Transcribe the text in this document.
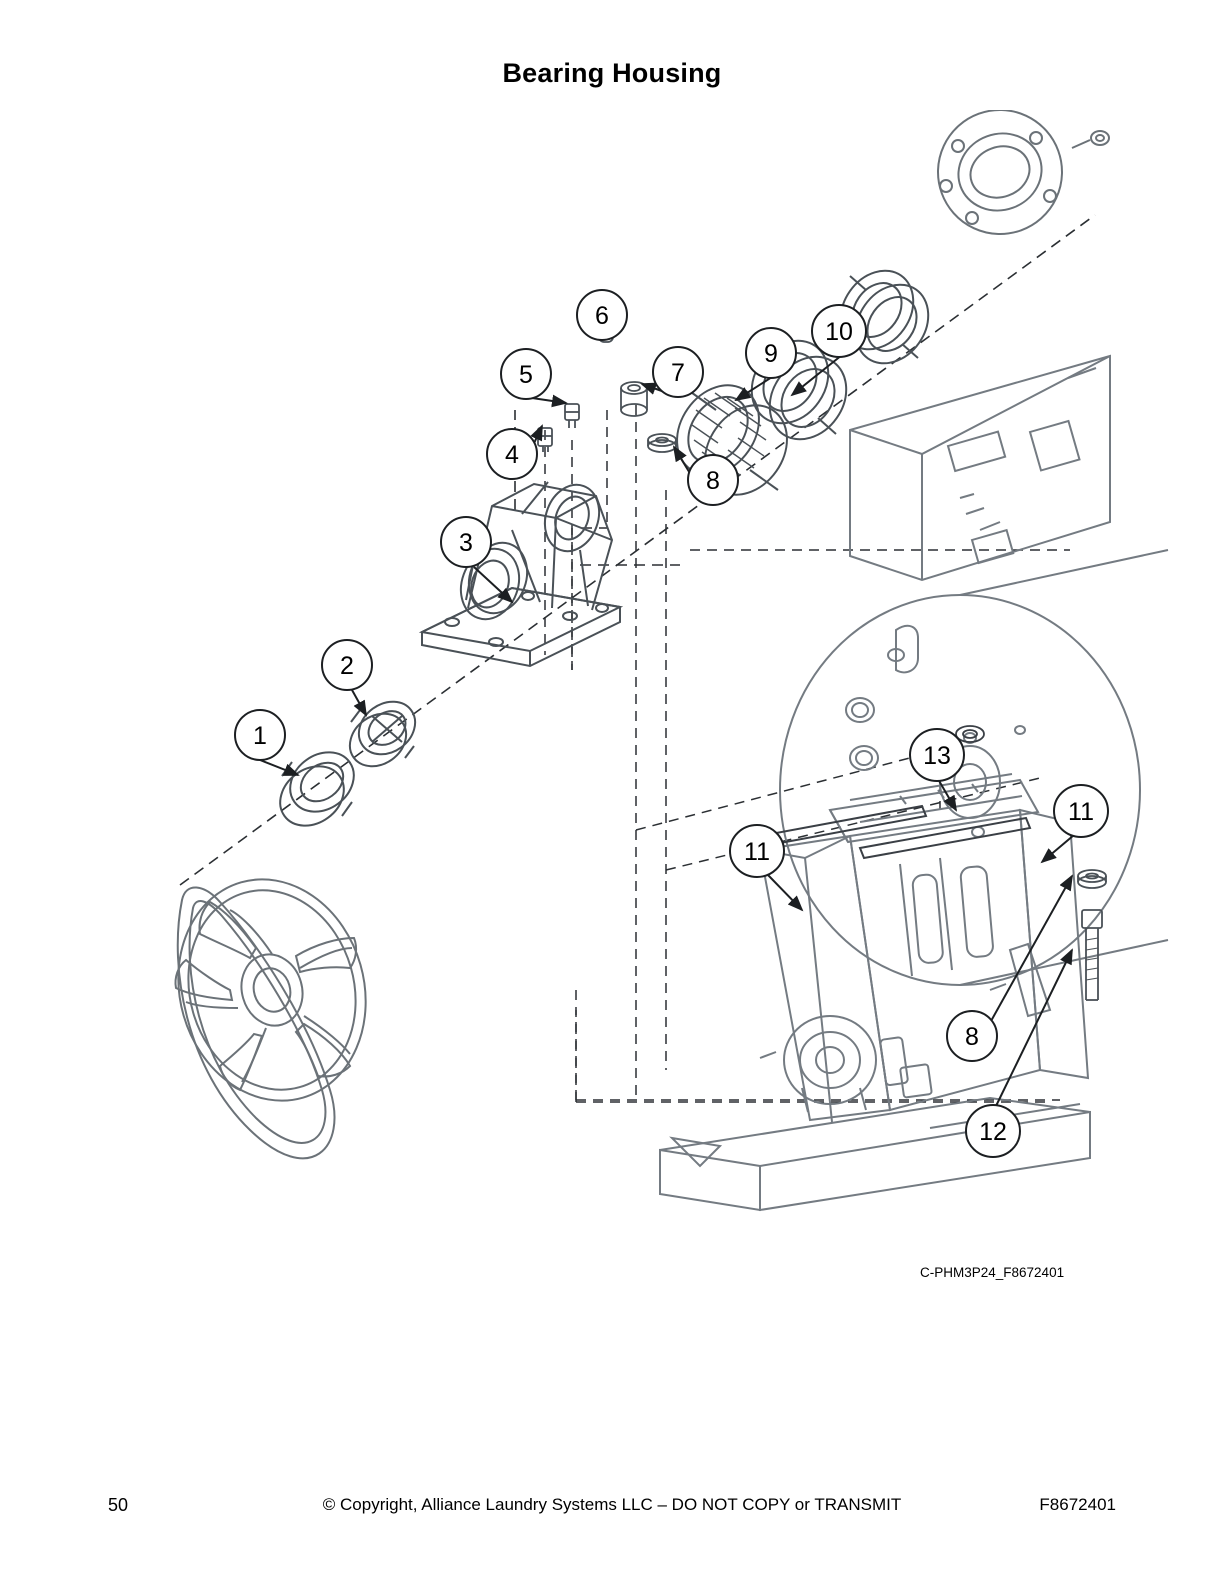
Bearing Housing
1
2
3
4
5
6
7
8
9
10
11
13
11
8
12
C-PHM3P24_F8672401
50	© Copyright, Alliance Laundry Systems LLC – DO NOT COPY or TRANSMIT	F8672401
